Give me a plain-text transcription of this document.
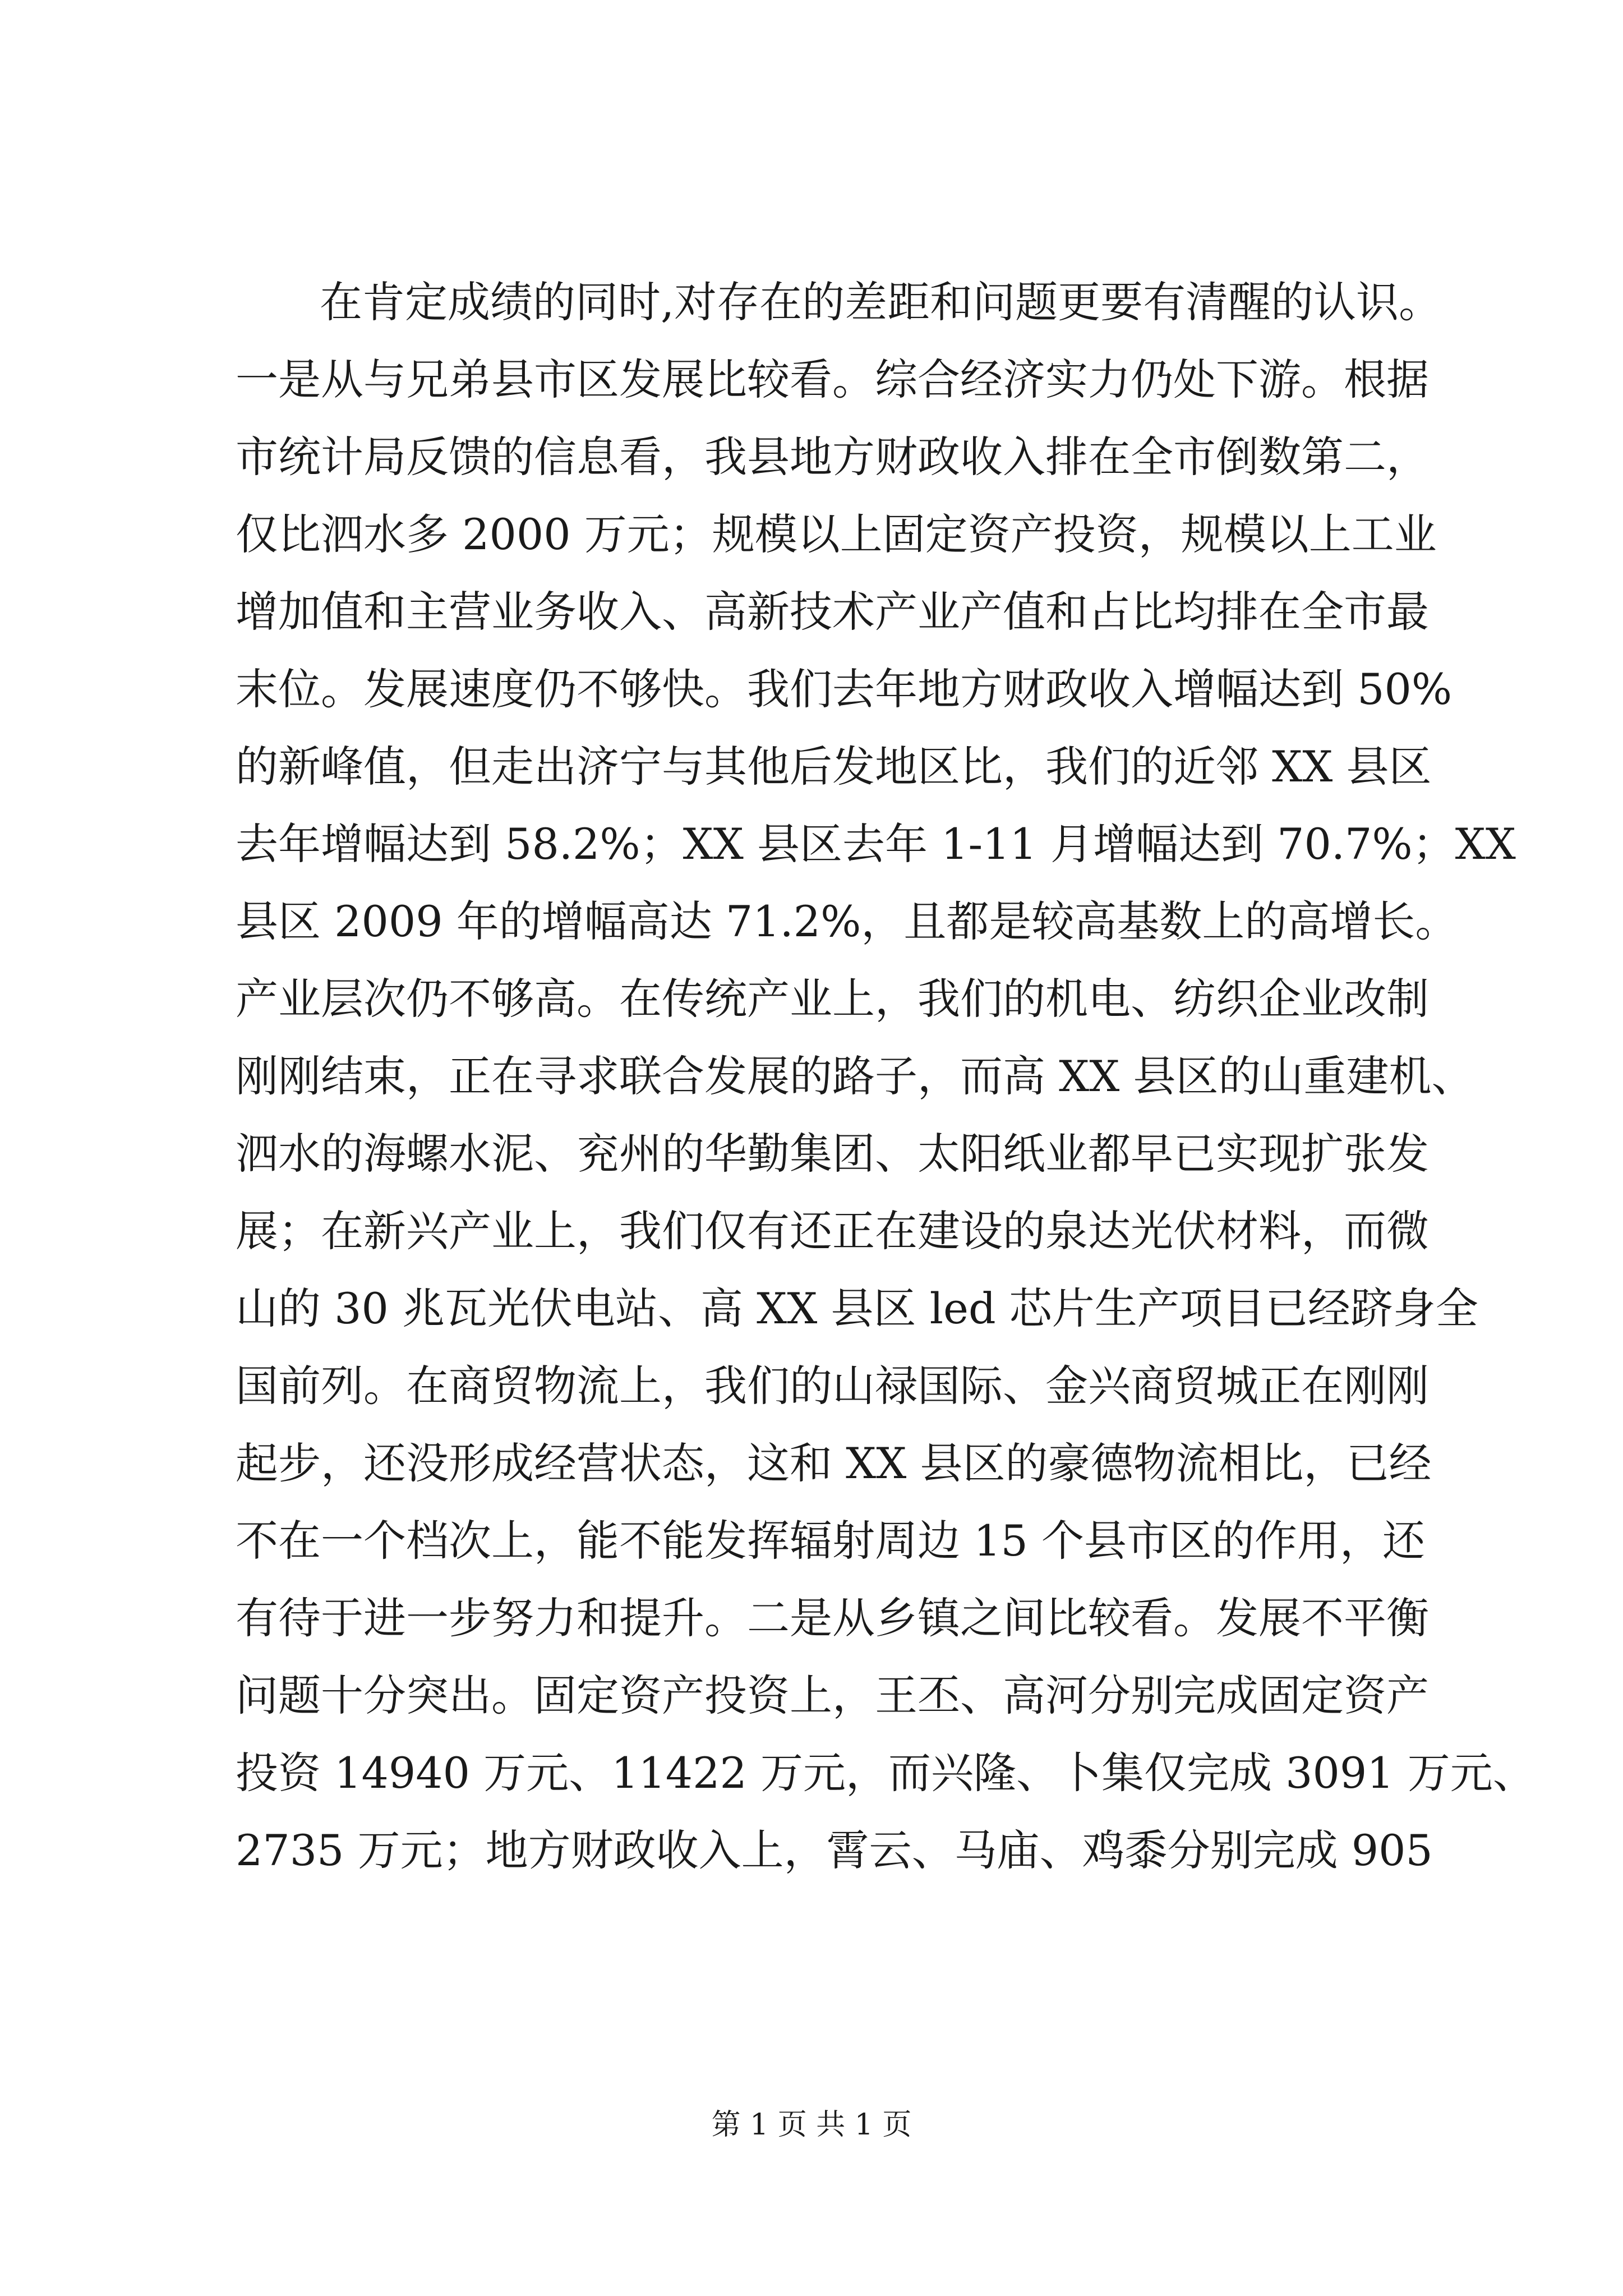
在肯定成绩的同时,对存在的差距和问题更要有清醒的认识。
一是从与兄弟县市区发展比较看。综合经济实力仍处下游。根据
市统计局反馈的信息看，我县地方财政收入排在全市倒数第二，
仅比泗水多 2000 万元；规模以上固定资产投资，规模以上工业
增加值和主营业务收入、高新技术产业产值和占比均排在全市最
末位。发展速度仍不够快。我们去年地方财政收入增幅达到 50%
的新峰值，但走出济宁与其他后发地区比，我们的近邻 XX 县区
去年增幅达到 58.2%；XX 县区去年 1-11 月增幅达到 70.7%；XX
县区 2009 年的增幅高达 71.2%，且都是较高基数上的高增长。
产业层次仍不够高。在传统产业上，我们的机电、纺织企业改制
刚刚结束，正在寻求联合发展的路子，而高 XX 县区的山重建机、
泗水的海螺水泥、兖州的华勤集团、太阳纸业都早已实现扩张发
展；在新兴产业上，我们仅有还正在建设的泉达光伏材料，而微
山的 30 兆瓦光伏电站、高 XX 县区 led 芯片生产项目已经跻身全
国前列。在商贸物流上，我们的山禄国际、金兴商贸城正在刚刚
起步，还没形成经营状态，这和 XX 县区的豪德物流相比，已经
不在一个档次上，能不能发挥辐射周边 15 个县市区的作用，还
有待于进一步努力和提升。二是从乡镇之间比较看。发展不平衡
问题十分突出。固定资产投资上，王丕、高河分别完成固定资产
投资 14940 万元、11422 万元，而兴隆、卜集仅完成 3091 万元、
2735 万元；地方财政收入上，霄云、马庙、鸡黍分别完成 905
第 1 页 共 1 页
